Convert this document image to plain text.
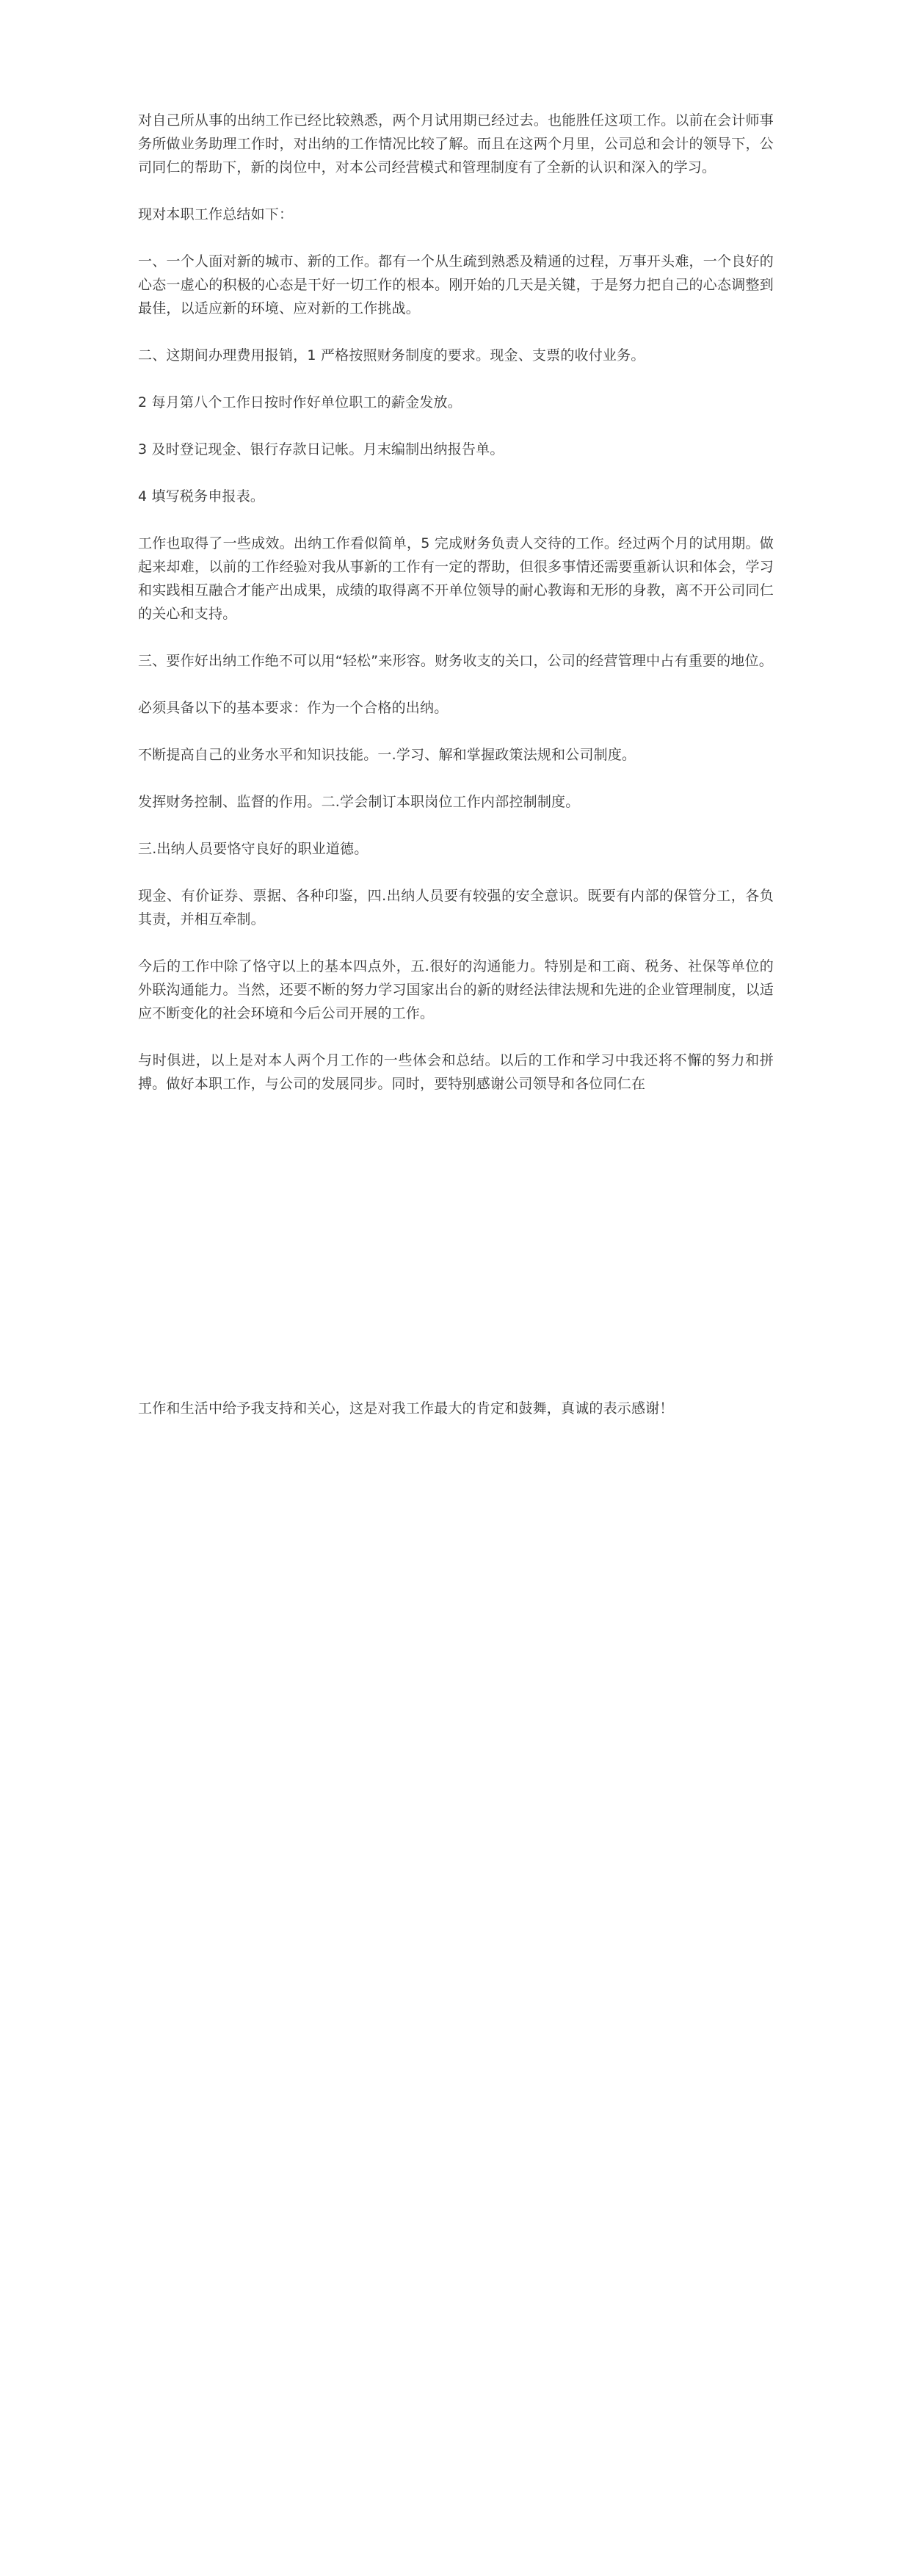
对自己所从事的出纳工作已经比较熟悉，两个月试用期已经过去。也能胜任这项工作。以前在会计师事务所做业务助理工作时，对出纳的工作情况比较了解。而且在这两个月里，公司总和会计的领导下，公司同仁的帮助下，新的岗位中，对本公司经营模式和管理制度有了全新的认识和深入的学习。

现对本职工作总结如下：

一、一个人面对新的城市、新的工作。都有一个从生疏到熟悉及精通的过程，万事开头难，一个良好的心态一虚心的积极的心态是干好一切工作的根本。刚开始的几天是关键，于是努力把自己的心态调整到最佳，以适应新的环境、应对新的工作挑战。

二、这期间办理费用报销，1 严格按照财务制度的要求。现金、支票的收付业务。

2 每月第八个工作日按时作好单位职工的薪金发放。

3 及时登记现金、银行存款日记帐。月末编制出纳报告单。

4 填写税务申报表。

工作也取得了一些成效。出纳工作看似简单，5 完成财务负责人交待的工作。经过两个月的试用期。做起来却难，以前的工作经验对我从事新的工作有一定的帮助，但很多事情还需要重新认识和体会，学习和实践相互融合才能产出成果，成绩的取得离不开单位领导的耐心教诲和无形的身教，离不开公司同仁的关心和支持。

三、要作好出纳工作绝不可以用“轻松”来形容。财务收支的关口，公司的经营管理中占有重要的地位。

必须具备以下的基本要求：作为一个合格的出纳。

不断提高自己的业务水平和知识技能。一.学习、解和掌握政策法规和公司制度。

发挥财务控制、监督的作用。二.学会制订本职岗位工作内部控制制度。

三.出纳人员要恪守良好的职业道德。

现金、有价证券、票据、各种印鉴，四.出纳人员要有较强的安全意识。既要有内部的保管分工，各负其责，并相互牵制。

今后的工作中除了恪守以上的基本四点外，五.很好的沟通能力。特别是和工商、税务、社保等单位的外联沟通能力。当然，还要不断的努力学习国家出台的新的财经法律法规和先进的企业管理制度，以适应不断变化的社会环境和今后公司开展的工作。

与时俱进，以上是对本人两个月工作的一些体会和总结。以后的工作和学习中我还将不懈的努力和拼搏。做好本职工作，与公司的发展同步。同时，要特别感谢公司领导和各位同仁在

工作和生活中给予我支持和关心，这是对我工作最大的肯定和鼓舞，真诚的表示感谢！
